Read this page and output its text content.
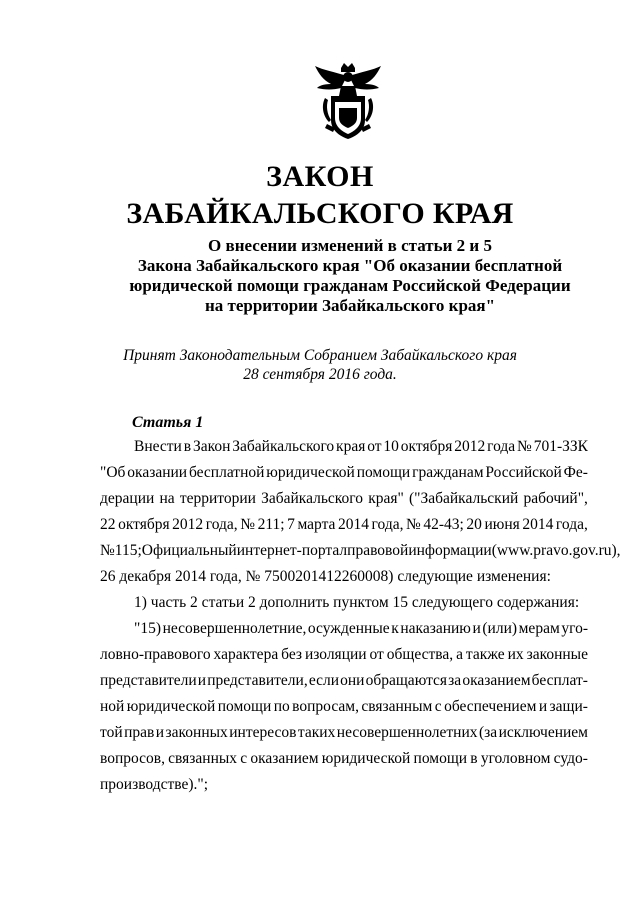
ЗАКОН
ЗАБАЙКАЛЬСКОГО КРАЯ
О внесении изменений в статьи 2 и 5
Закона Забайкальского края "Об оказании бесплатной
юридической помощи гражданам Российской Федерации
на территории Забайкальского края"
Принят Законодательным Собранием Забайкальского края
28 сентября 2016 года.
Статья 1
Внести в Закон Забайкальского края от 10 октября 2012 года № 701-ЗЗК
"Об оказании бесплатной юридической помощи гражданам Российской Фе-
дерации на территории Забайкальского края" ("Забайкальский рабочий",
22 октября 2012 года, № 211; 7 марта 2014 года, № 42-43; 20 июня 2014 года,
№ 115; Официальный интернет-портал правовой информации (www.pravo.gov.ru),
26 декабря 2014 года, № 7500201412260008) следующие изменения:
1) часть 2 статьи 2 дополнить пунктом 15 следующего содержания:
"15) несовершеннолетние, осужденные к наказанию и (или) мерам уго-
ловно-правового характера без изоляции от общества, а также их законные
представители и представители, если они обращаются за оказанием бесплат-
ной юридической помощи по вопросам, связанным с обеспечением и защи-
той прав и законных интересов таких несовершеннолетних (за исключением
вопросов, связанных с оказанием юридической помощи в уголовном судо-
производстве).";
